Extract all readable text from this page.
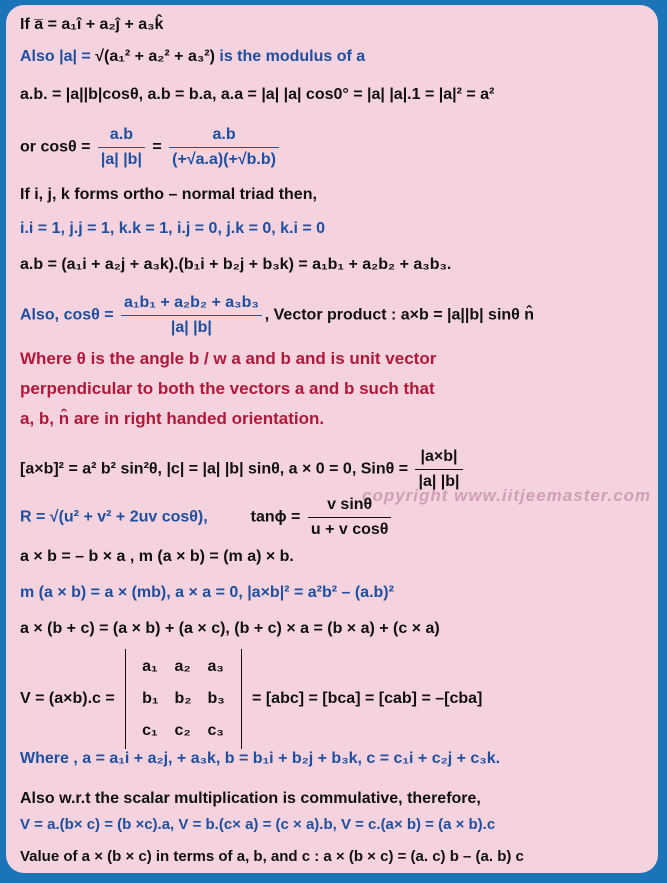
copyright www.iitjeemaster.com
If a̅ = a₁î + a₂ĵ + a₃k̂
Also |a| = √(a₁² + a₂² + a₃²) is the modulus of a
a.b. = |a||b|cosθ, a.b = b.a, a.a = |a| |a| cos0° = |a| |a|.1 = |a|² = a²
or $\cos\theta = \frac{a.b}{|a| |b|} = \frac{a.b}{(+√a.a)(+√b.b)}$
If i, j, k forms ortho – normal triad then,
i.i = 1, j.j = 1, k.k = 1, i.j = 0, j.k = 0, k.i = 0
a.b = (a₁i + a₂j + a₃k).(b₁i + b₂j + b₃k) = a₁b₁ + a₂b₂ + a₃b₃.
Also, $\cos\theta = \frac{\text{a₁b₁ + a₂b₂ + a₃b₃}}{|a| |b|}$ , Vector product : a×b = |a||b| sinθ n̂
Where θ is the angle b / w a and b and is unit vector
perpendicular to both the vectors a and b such that
a, b, n̂ are in right handed orientation.
[a×b]² = a² b² sin²θ, |c| = |a| |b| sinθ, a × 0 = 0, $Sin\theta = \frac{|a\times b|}{|a| |b|}$
R = √(u² + v² + 2uv cosθ),	$\tan\phi = \frac{\text{v sinθ}}{\text{u + v cosθ}}$
a × b = – b × a , m (a × b) = (m a) × b.
m (a × b) = a × (mb), a × a = 0, |a×b|² = a²b² – (a.b)²
a × (b + c) = (a × b) + (a × c), (b + c) × a = (b × a) + (c × a)
V = (a×b).c =
a₁	a₂	a₃
b₁	b₂	b₃
c₁	c₂	c₃
= [abc] = [bca] = [cab] = –[cba]
Where , a = a₁i + a₂j, + a₃k, b = b₁i + b₂j + b₃k, c = c₁i + c₂j + c₃k.
Also w.r.t the scalar multiplication is commulative, therefore,
V = a.(b× c) = (b ×c).a, V = b.(c× a) = (c × a).b, V = c.(a× b) = (a × b).c
Value of a × (b × c) in terms of a, b, and c : a × (b × c) = (a. c) b – (a. b) c
